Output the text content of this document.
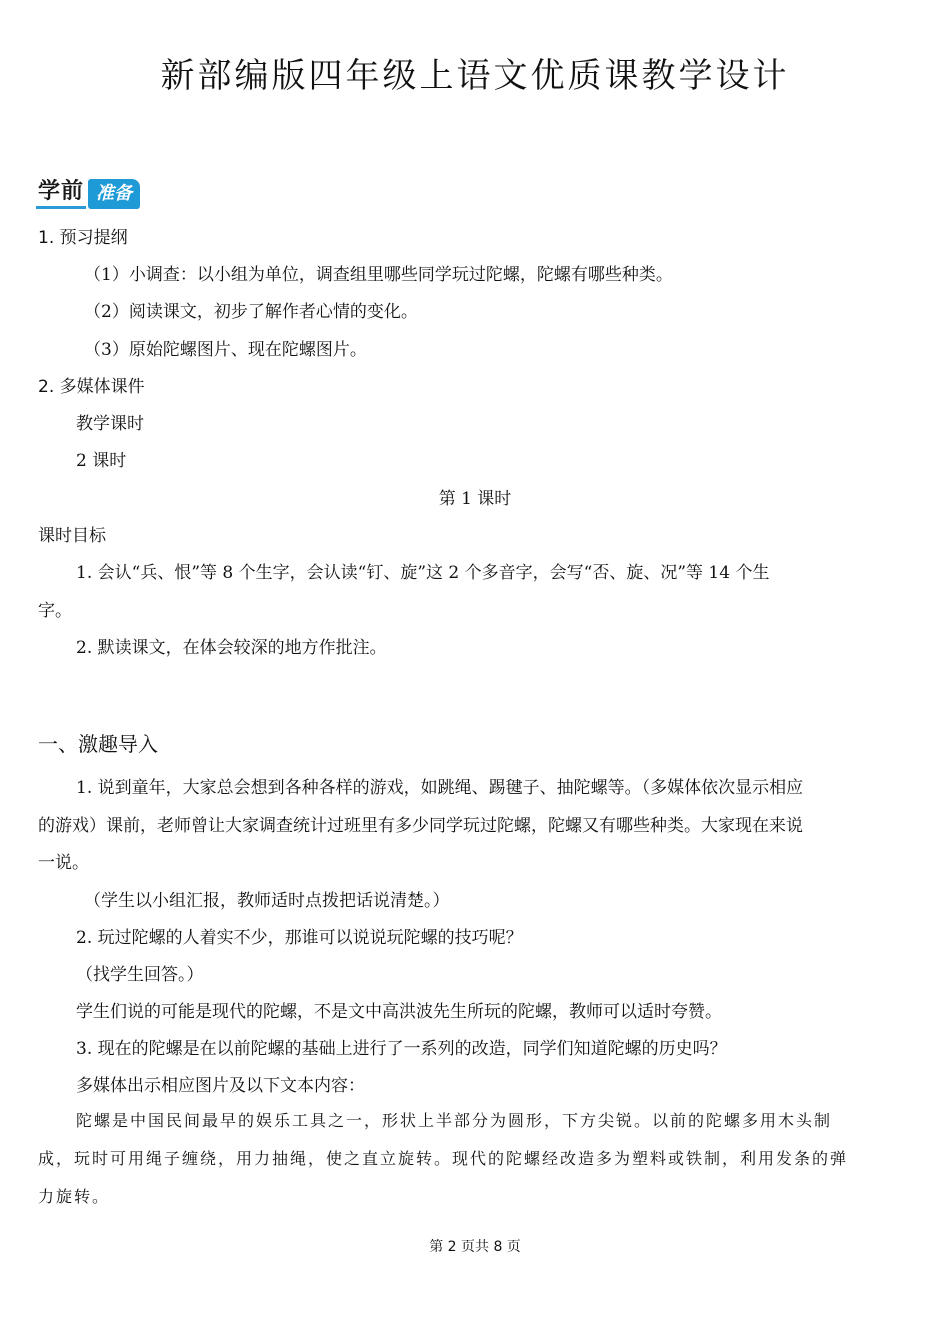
新部编版四年级上语文优质课教学设计
学前 准备
1. 预习提纲
（1）小调查：以小组为单位，调查组里哪些同学玩过陀螺，陀螺有哪些种类。
（2）阅读课文，初步了解作者心情的变化。
（3）原始陀螺图片、现在陀螺图片。
2. 多媒体课件
教学课时
2 课时
第 1 课时
课时目标
1. 会认“兵、恨”等 8 个生字，会认读“钉、旋”这 2 个多音字，会写“否、旋、况”等 14 个生
字。
2. 默读课文，在体会较深的地方作批注。
一、激趣导入
1. 说到童年，大家总会想到各种各样的游戏，如跳绳、踢毽子、抽陀螺等。（多媒体依次显示相应
的游戏）课前，老师曾让大家调查统计过班里有多少同学玩过陀螺，陀螺又有哪些种类。大家现在来说
一说。
（学生以小组汇报，教师适时点拨把话说清楚。）
2. 玩过陀螺的人着实不少，那谁可以说说玩陀螺的技巧呢？
（找学生回答。）
学生们说的可能是现代的陀螺，不是文中高洪波先生所玩的陀螺，教师可以适时夸赞。
3. 现在的陀螺是在以前陀螺的基础上进行了一系列的改造，同学们知道陀螺的历史吗？
多媒体出示相应图片及以下文本内容：
陀螺是中国民间最早的娱乐工具之一，形状上半部分为圆形，下方尖锐。以前的陀螺多用木头制
成，玩时可用绳子缠绕，用力抽绳，使之直立旋转。现代的陀螺经改造多为塑料或铁制，利用发条的弹
力旋转。
第 2 页共 8 页
